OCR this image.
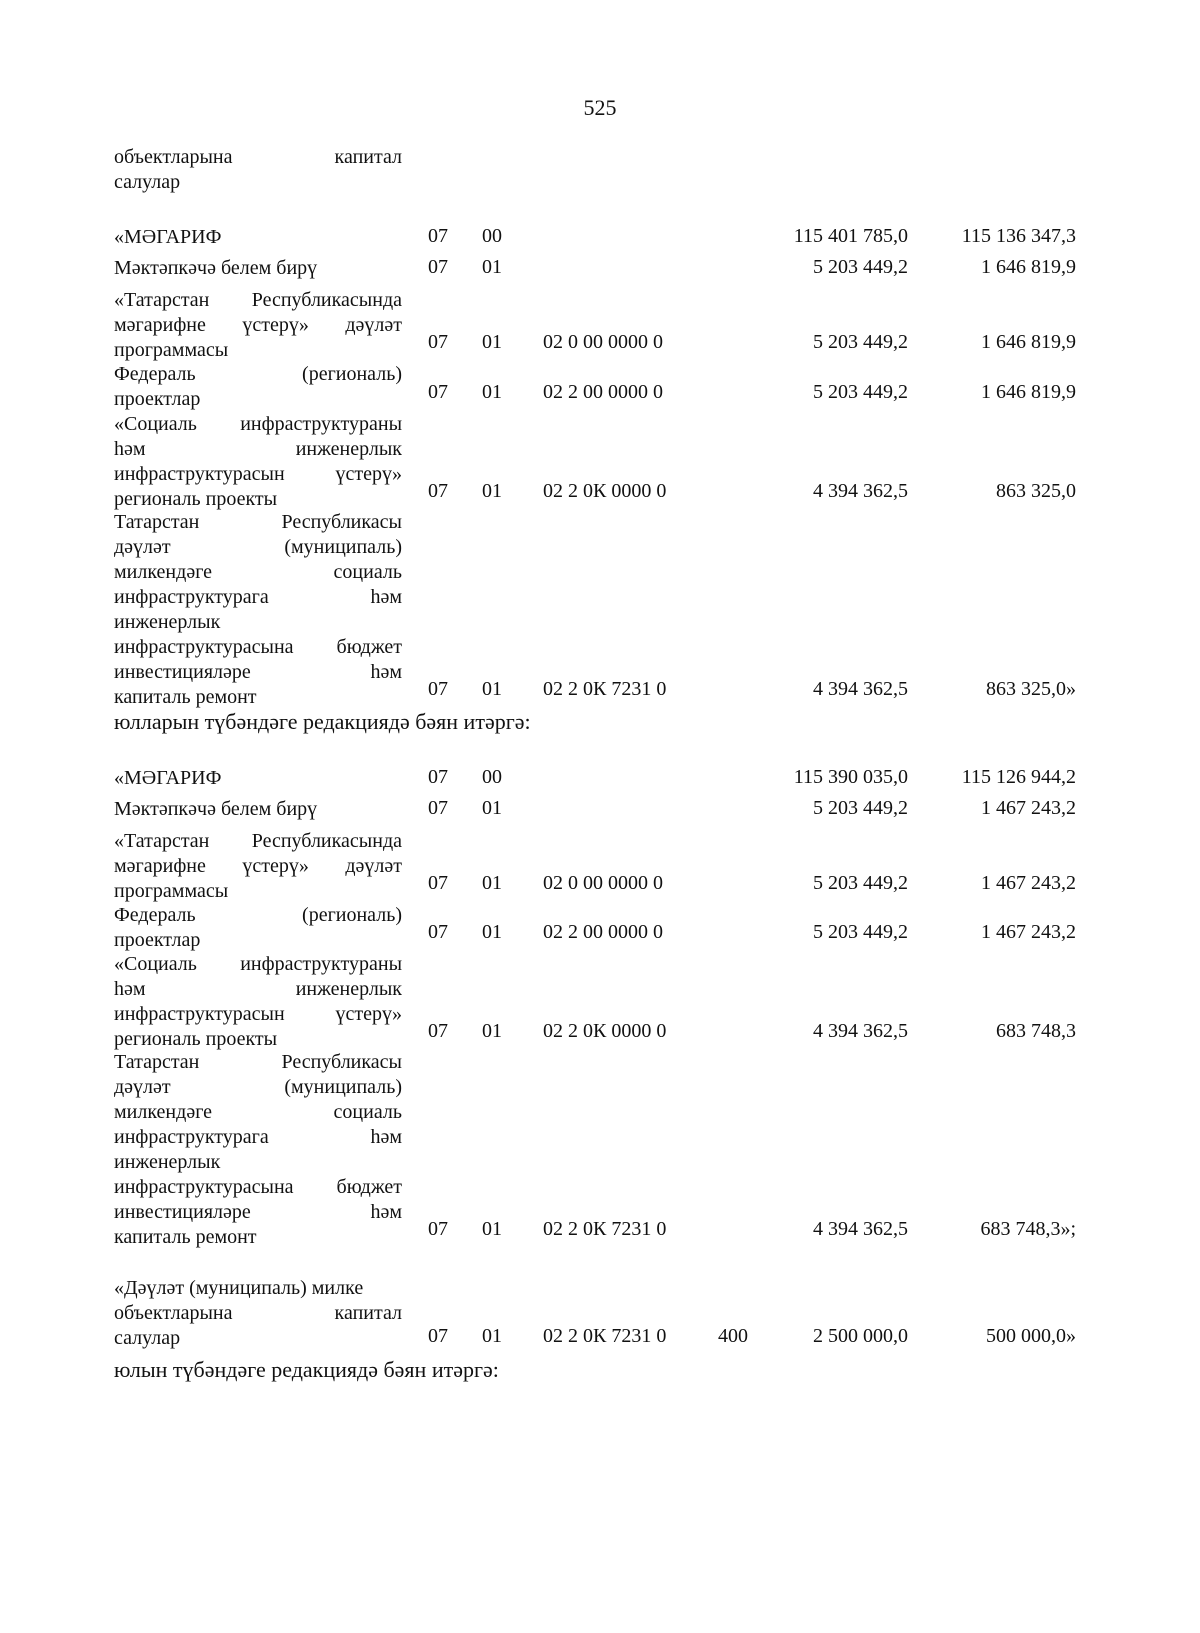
525
объектларына капитал
салулар
«МӘГАРИФ	07 00	115 401 785,0	115 136 347,3
Мәктәпкәчә белем бирү	07 01	5 203 449,2	1 646 819,9
«Татарстан Республикасында
мәгарифне үстерү» дәүләт
программасы	07 01 02 0 00 0000 0	5 203 449,2	1 646 819,9
Федераль (региональ)
проектлар	07 01 02 2 00 0000 0	5 203 449,2	1 646 819,9
«Социаль инфраструктураны
һәм инженерлык
инфраструктурасын үстерү»
региональ проекты	07 01 02 2 0К 0000 0	4 394 362,5	863 325,0
Татарстан Республикасы
дәүләт (муниципаль)
милкендәге социаль
инфраструктурага һәм
инженерлык
инфраструктурасына бюджет
инвестицияләре һәм
капиталь ремонт	07 01 02 2 0К 7231 0	4 394 362,5	863 325,0»
юлларын түбәндәге редакциядә бәян итәргә:
«МӘГАРИФ	07 00	115 390 035,0	115 126 944,2
Мәктәпкәчә белем бирү	07 01	5 203 449,2	1 467 243,2
«Татарстан Республикасында
мәгарифне үстерү» дәүләт
программасы	07 01 02 0 00 0000 0	5 203 449,2	1 467 243,2
Федераль (региональ)
проектлар	07 01 02 2 00 0000 0	5 203 449,2	1 467 243,2
«Социаль инфраструктураны
һәм инженерлык
инфраструктурасын үстерү»
региональ проекты	07 01 02 2 0К 0000 0	4 394 362,5	683 748,3
Татарстан Республикасы
дәүләт (муниципаль)
милкендәге социаль
инфраструктурага һәм
инженерлык
инфраструктурасына бюджет
инвестицияләре һәм
капиталь ремонт	07 01 02 2 0К 7231 0	4 394 362,5	683 748,3»;
«Дәүләт (муниципаль) милке
объектларына капитал
салулар	07 01 02 2 0К 7231 0	400	2 500 000,0	500 000,0»
юлын түбәндәге редакциядә бәян итәргә:
